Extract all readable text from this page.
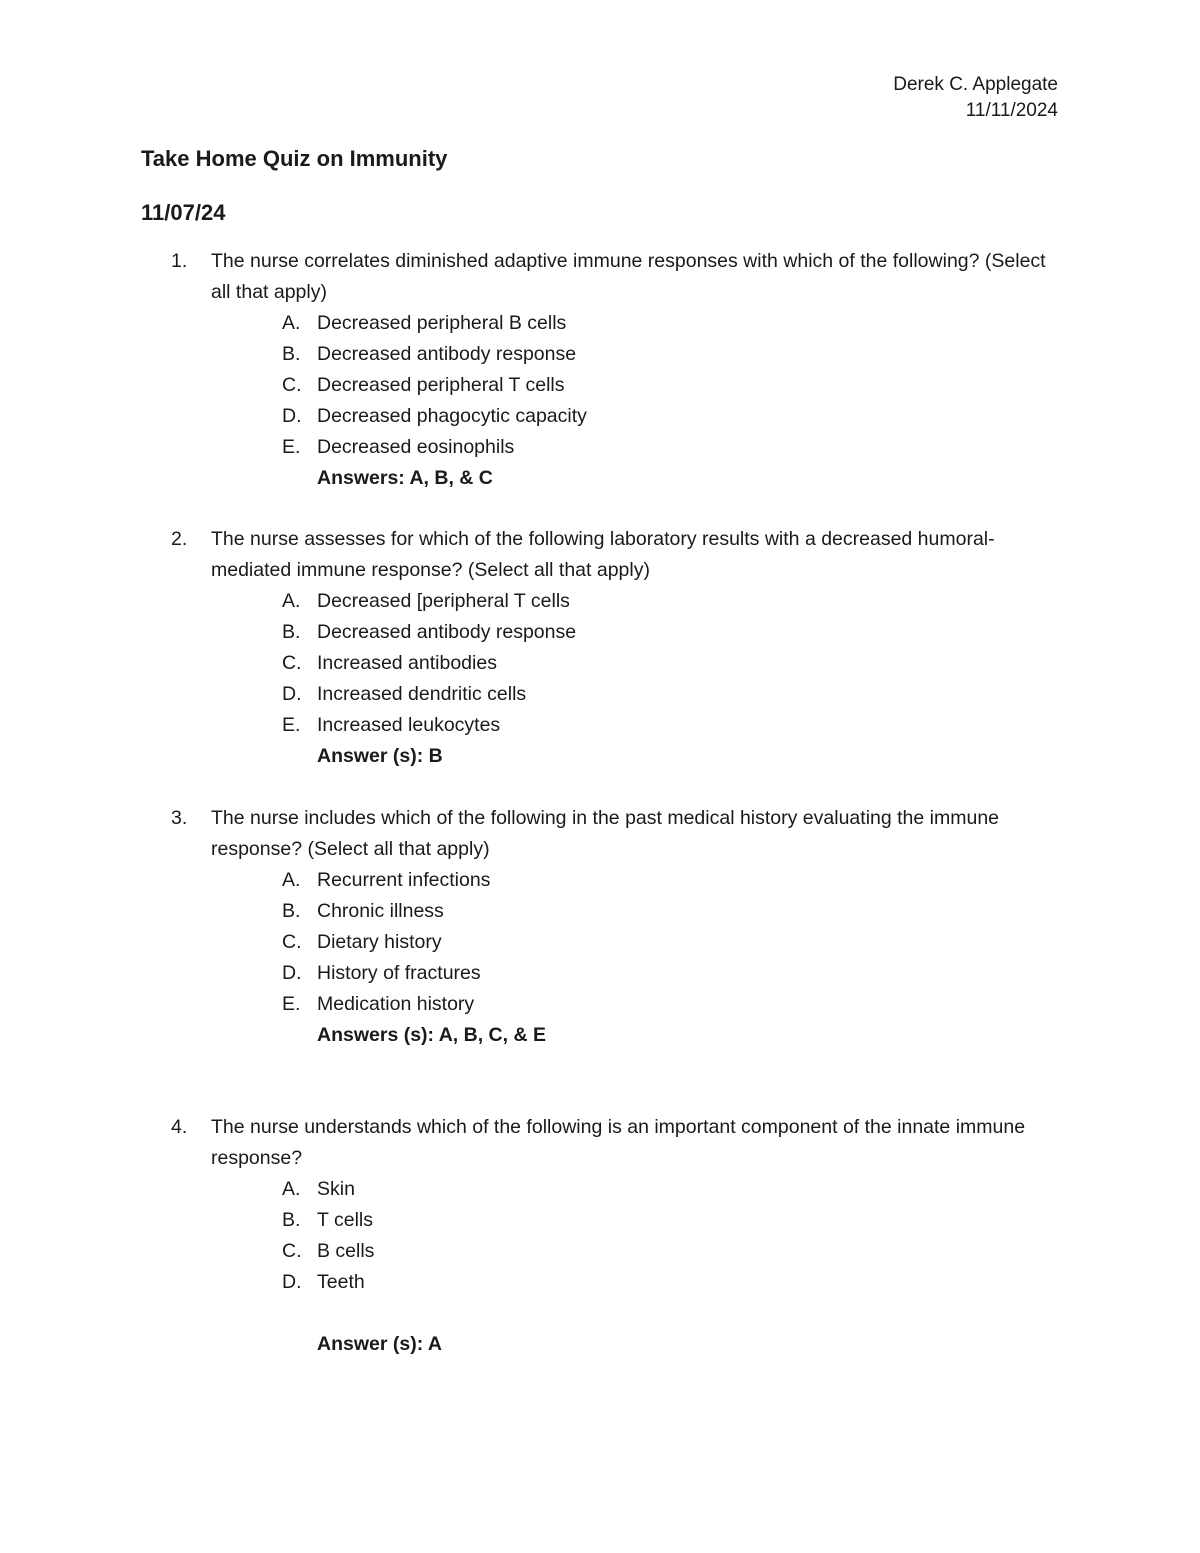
Derek C. Applegate
11/11/2024
Take Home Quiz on Immunity
11/07/24
1.	The nurse correlates diminished adaptive immune responses with which of the following? (Select all that apply)
A. Decreased peripheral B cells
B. Decreased antibody response
C. Decreased peripheral T cells
D. Decreased phagocytic capacity
E. Decreased eosinophils
Answers: A, B, & C
2.	The nurse assesses for which of the following laboratory results with a decreased humoral-mediated immune response? (Select all that apply)
A. Decreased [peripheral T cells
B. Decreased antibody response
C. Increased antibodies
D. Increased dendritic cells
E. Increased leukocytes
Answer (s): B
3.	The nurse includes which of the following in the past medical history evaluating the immune response? (Select all that apply)
A. Recurrent infections
B. Chronic illness
C. Dietary history
D. History of fractures
E. Medication history
Answers (s): A, B, C, & E
4.	The nurse understands which of the following is an important component of the innate immune response?
A. Skin
B. T cells
C. B cells
D. Teeth
Answer (s): A
